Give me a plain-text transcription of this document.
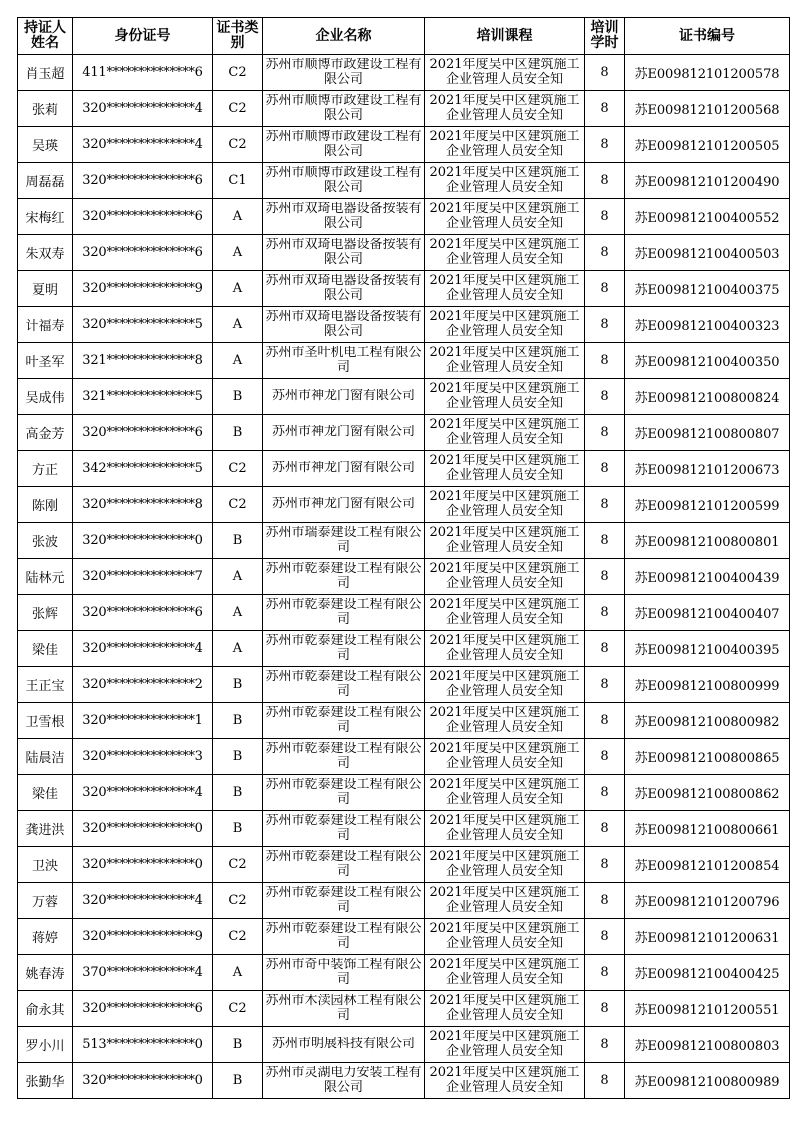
持证人姓名	身份证号	证书类别	企业名称	培训课程	培训学时	证书编号
肖玉超	411**************6	C2	苏州市顺博市政建设工程有限公司	2021年度吴中区建筑施工企业管理人员安全知	8	苏E009812101200578
张莉	320**************4	C2	苏州市顺博市政建设工程有限公司	2021年度吴中区建筑施工企业管理人员安全知	8	苏E009812101200568
吴瑛	320**************4	C2	苏州市顺博市政建设工程有限公司	2021年度吴中区建筑施工企业管理人员安全知	8	苏E009812101200505
周磊磊	320**************6	C1	苏州市顺博市政建设工程有限公司	2021年度吴中区建筑施工企业管理人员安全知	8	苏E009812101200490
宋梅红	320**************6	A	苏州市双琦电器设备按装有限公司	2021年度吴中区建筑施工企业管理人员安全知	8	苏E009812100400552
朱双寿	320**************6	A	苏州市双琦电器设备按装有限公司	2021年度吴中区建筑施工企业管理人员安全知	8	苏E009812100400503
夏明	320**************9	A	苏州市双琦电器设备按装有限公司	2021年度吴中区建筑施工企业管理人员安全知	8	苏E009812100400375
计福寿	320**************5	A	苏州市双琦电器设备按装有限公司	2021年度吴中区建筑施工企业管理人员安全知	8	苏E009812100400323
叶圣军	321**************8	A	苏州市圣叶机电工程有限公司	2021年度吴中区建筑施工企业管理人员安全知	8	苏E009812100400350
吴成伟	321**************5	B	苏州市神龙门窗有限公司	2021年度吴中区建筑施工企业管理人员安全知	8	苏E009812100800824
高金芳	320**************6	B	苏州市神龙门窗有限公司	2021年度吴中区建筑施工企业管理人员安全知	8	苏E009812100800807
方正	342**************5	C2	苏州市神龙门窗有限公司	2021年度吴中区建筑施工企业管理人员安全知	8	苏E009812101200673
陈刚	320**************8	C2	苏州市神龙门窗有限公司	2021年度吴中区建筑施工企业管理人员安全知	8	苏E009812101200599
张波	320**************0	B	苏州市瑞泰建设工程有限公司	2021年度吴中区建筑施工企业管理人员安全知	8	苏E009812100800801
陆林元	320**************7	A	苏州市乾泰建设工程有限公司	2021年度吴中区建筑施工企业管理人员安全知	8	苏E009812100400439
张辉	320**************6	A	苏州市乾泰建设工程有限公司	2021年度吴中区建筑施工企业管理人员安全知	8	苏E009812100400407
梁佳	320**************4	A	苏州市乾泰建设工程有限公司	2021年度吴中区建筑施工企业管理人员安全知	8	苏E009812100400395
王正宝	320**************2	B	苏州市乾泰建设工程有限公司	2021年度吴中区建筑施工企业管理人员安全知	8	苏E009812100800999
卫雪根	320**************1	B	苏州市乾泰建设工程有限公司	2021年度吴中区建筑施工企业管理人员安全知	8	苏E009812100800982
陆晨洁	320**************3	B	苏州市乾泰建设工程有限公司	2021年度吴中区建筑施工企业管理人员安全知	8	苏E009812100800865
梁佳	320**************4	B	苏州市乾泰建设工程有限公司	2021年度吴中区建筑施工企业管理人员安全知	8	苏E009812100800862
龚进洪	320**************0	B	苏州市乾泰建设工程有限公司	2021年度吴中区建筑施工企业管理人员安全知	8	苏E009812100800661
卫泱	320**************0	C2	苏州市乾泰建设工程有限公司	2021年度吴中区建筑施工企业管理人员安全知	8	苏E009812101200854
万蓉	320**************4	C2	苏州市乾泰建设工程有限公司	2021年度吴中区建筑施工企业管理人员安全知	8	苏E009812101200796
蒋婷	320**************9	C2	苏州市乾泰建设工程有限公司	2021年度吴中区建筑施工企业管理人员安全知	8	苏E009812101200631
姚春涛	370**************4	A	苏州市奇中装饰工程有限公司	2021年度吴中区建筑施工企业管理人员安全知	8	苏E009812100400425
俞永其	320**************6	C2	苏州市木渎园林工程有限公司	2021年度吴中区建筑施工企业管理人员安全知	8	苏E009812101200551
罗小川	513**************0	B	苏州市明展科技有限公司	2021年度吴中区建筑施工企业管理人员安全知	8	苏E009812100800803
张勤华	320**************0	B	苏州市灵湖电力安装工程有限公司	2021年度吴中区建筑施工企业管理人员安全知	8	苏E009812100800989
